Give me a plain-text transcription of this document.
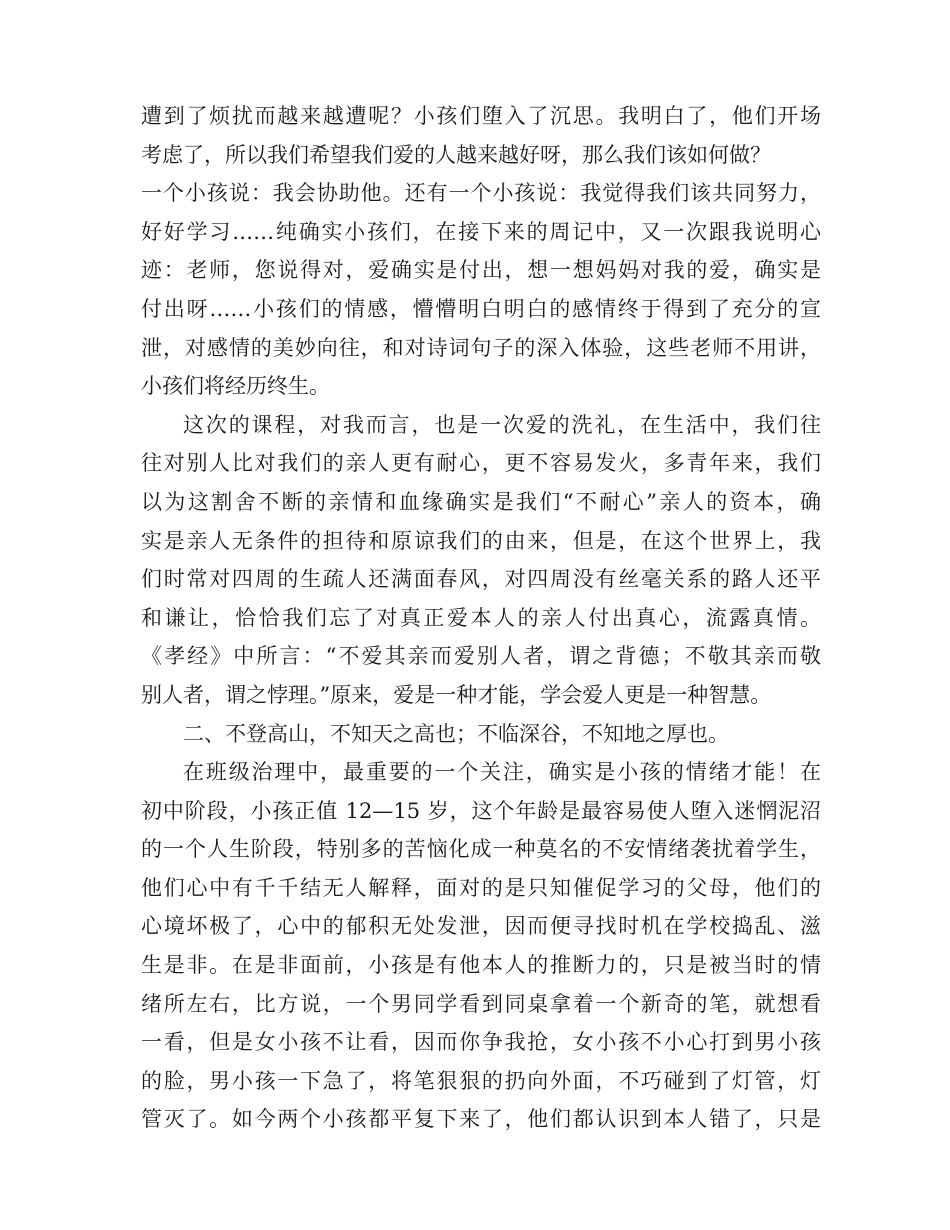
遭到了烦扰而越来越遭呢？小孩们堕入了沉思。我明白了，他们开场
考虑了，所以我们希望我们爱的人越来越好呀，那么我们该如何做？
一个小孩说：我会协助他。还有一个小孩说：我觉得我们该共同努力，
好好学习……纯确实小孩们，在接下来的周记中，又一次跟我说明心
迹：老师，您说得对，爱确实是付出，想一想妈妈对我的爱，确实是
付出呀……小孩们的情感，懵懵明白明白的感情终于得到了充分的宣
泄，对感情的美妙向往，和对诗词句子的深入体验，这些老师不用讲，
小孩们将经历终生。
这次的课程，对我而言，也是一次爱的洗礼，在生活中，我们往
往对别人比对我们的亲人更有耐心，更不容易发火，多青年来，我们
以为这割舍不断的亲情和血缘确实是我们“不耐心”亲人的资本，确
实是亲人无条件的担待和原谅我们的由来，但是，在这个世界上，我
们时常对四周的生疏人还满面春风，对四周没有丝毫关系的路人还平
和谦让，恰恰我们忘了对真正爱本人的亲人付出真心，流露真情。
《孝经》中所言：“不爱其亲而爱别人者，谓之背德；不敬其亲而敬
别人者，谓之悖理。”原来，爱是一种才能，学会爱人更是一种智慧。
二、不登高山，不知天之高也；不临深谷，不知地之厚也。
在班级治理中，最重要的一个关注，确实是小孩的情绪才能！在
初中阶段，小孩正值 12—15 岁，这个年龄是最容易使人堕入迷惘泥沼
的一个人生阶段，特别多的苦恼化成一种莫名的不安情绪袭扰着学生，
他们心中有千千结无人解释，面对的是只知催促学习的父母，他们的
心境坏极了，心中的郁积无处发泄，因而便寻找时机在学校捣乱、滋
生是非。在是非面前，小孩是有他本人的推断力的，只是被当时的情
绪所左右，比方说，一个男同学看到同桌拿着一个新奇的笔，就想看
一看，但是女小孩不让看，因而你争我抢，女小孩不小心打到男小孩
的脸，男小孩一下急了，将笔狠狠的扔向外面，不巧碰到了灯管，灯
管灭了。如今两个小孩都平复下来了，他们都认识到本人错了，只是
